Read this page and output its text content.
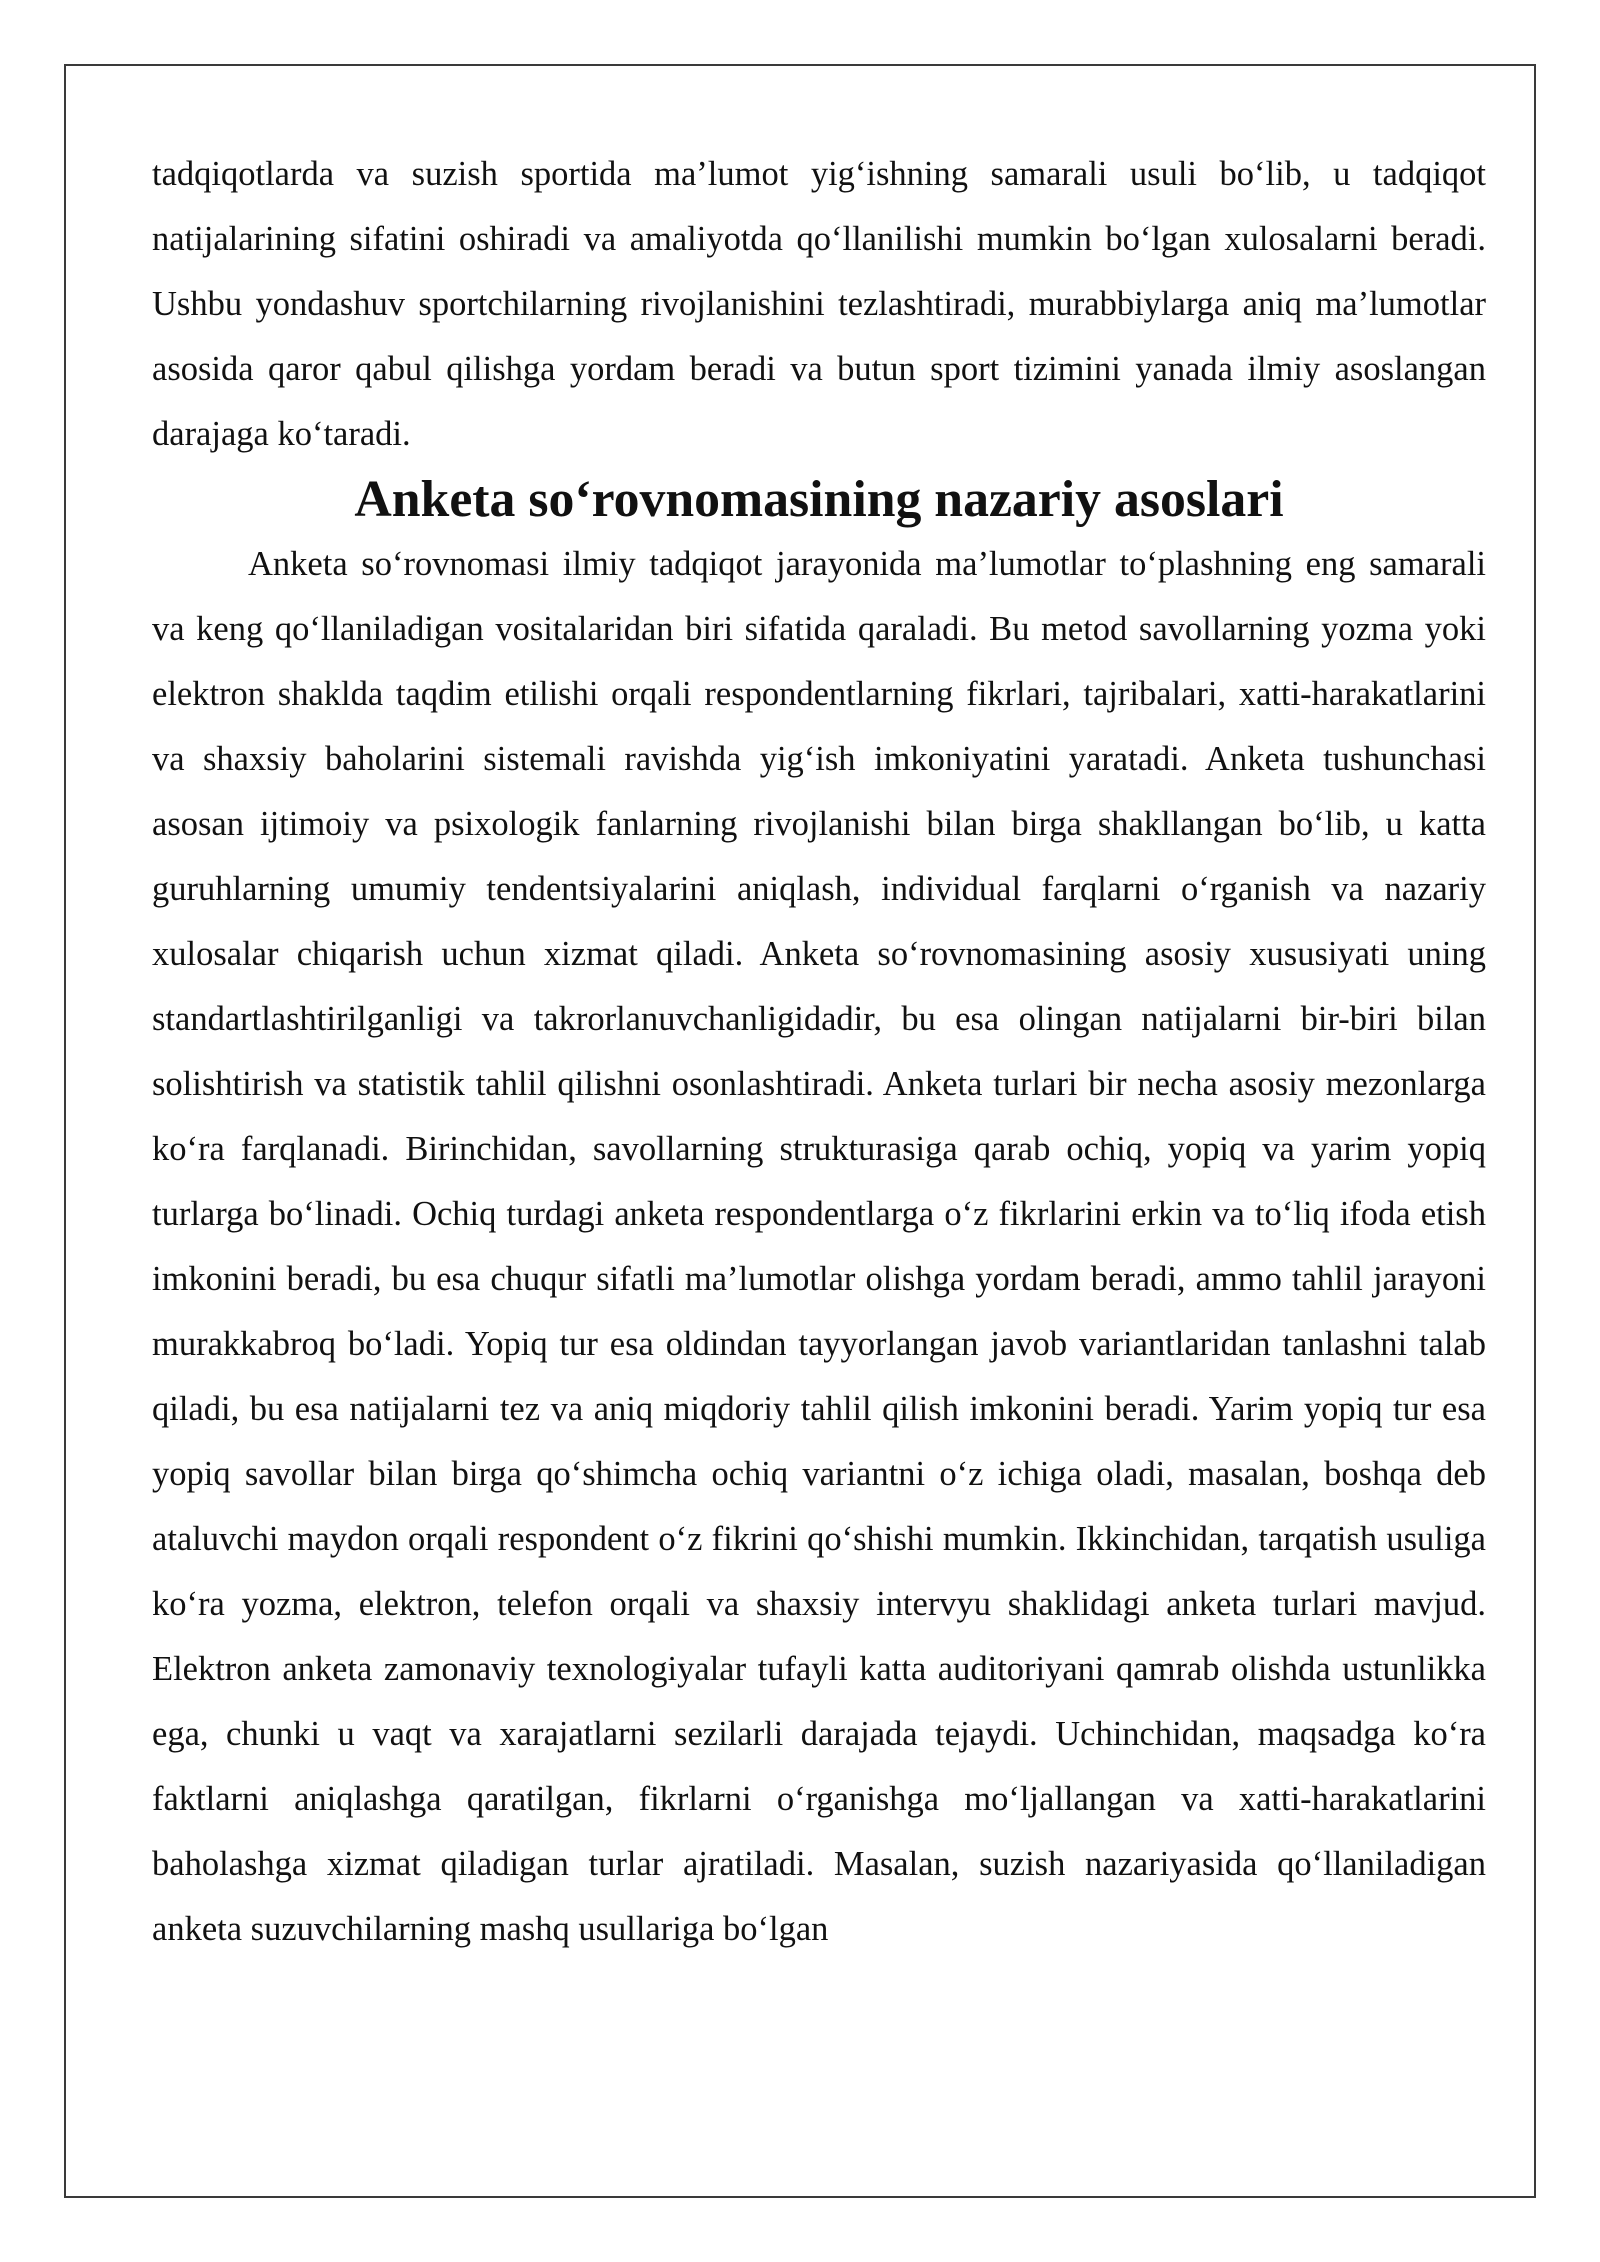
tadqiqotlarda va suzish sportida ma’lumot yig‘ishning samarali usuli bo‘lib, u tadqiqot natijalarining sifatini oshiradi va amaliyotda qo‘llanilishi mumkin bo‘lgan xulosalarni beradi. Ushbu yondashuv sportchilarning rivojlanishini tezlashtiradi, murabbiylarga aniq ma’lumotlar asosida qaror qabul qilishga yordam beradi va butun sport tizimini yanada ilmiy asoslangan darajaga ko‘taradi.

Anketa so‘rovnomasining nazariy asoslari

Anketa so‘rovnomasi ilmiy tadqiqot jarayonida ma’lumotlar to‘plashning eng samarali va keng qo‘llaniladigan vositalaridan biri sifatida qaraladi. Bu metod savollarning yozma yoki elektron shaklda taqdim etilishi orqali respondentlarning fikrlari, tajribalari, xatti-harakatlarini va shaxsiy baholarini sistemali ravishda yig‘ish imkoniyatini yaratadi. Anketa tushunchasi asosan ijtimoiy va psixologik fanlarning rivojlanishi bilan birga shakllangan bo‘lib, u katta guruhlarning umumiy tendentsiyalarini aniqlash, individual farqlarni o‘rganish va nazariy xulosalar chiqarish uchun xizmat qiladi. Anketa so‘rovnomasining asosiy xususiyati uning standartlashtirilganligi va takrorlanuvchanligidadir, bu esa olingan natijalarni bir-biri bilan solishtirish va statistik tahlil qilishni osonlashtiradi. Anketa turlari bir necha asosiy mezonlarga ko‘ra farqlanadi. Birinchidan, savollarning strukturasiga qarab ochiq, yopiq va yarim yopiq turlarga bo‘linadi. Ochiq turdagi anketa respondentlarga o‘z fikrlarini erkin va to‘liq ifoda etish imkonini beradi, bu esa chuqur sifatli ma’lumotlar olishga yordam beradi, ammo tahlil jarayoni murakkabroq bo‘ladi. Yopiq tur esa oldindan tayyorlangan javob variantlaridan tanlashni talab qiladi, bu esa natijalarni tez va aniq miqdoriy tahlil qilish imkonini beradi. Yarim yopiq tur esa yopiq savollar bilan birga qo‘shimcha ochiq variantni o‘z ichiga oladi, masalan, boshqa deb ataluvchi maydon orqali respondent o‘z fikrini qo‘shishi mumkin. Ikkinchidan, tarqatish usuliga ko‘ra yozma, elektron, telefon orqali va shaxsiy intervyu shaklidagi anketa turlari mavjud. Elektron anketa zamonaviy texnologiyalar tufayli katta auditoriyani qamrab olishda ustunlikka ega, chunki u vaqt va xarajatlarni sezilarli darajada tejaydi. Uchinchidan, maqsadga ko‘ra faktlarni aniqlashga qaratilgan, fikrlarni o‘rganishga mo‘ljallangan va xatti-harakatlarini baholashga xizmat qiladigan turlar ajratiladi. Masalan, suzish nazariyasida qo‘llaniladigan anketa suzuvchilarning mashq usullariga bo‘lgan
